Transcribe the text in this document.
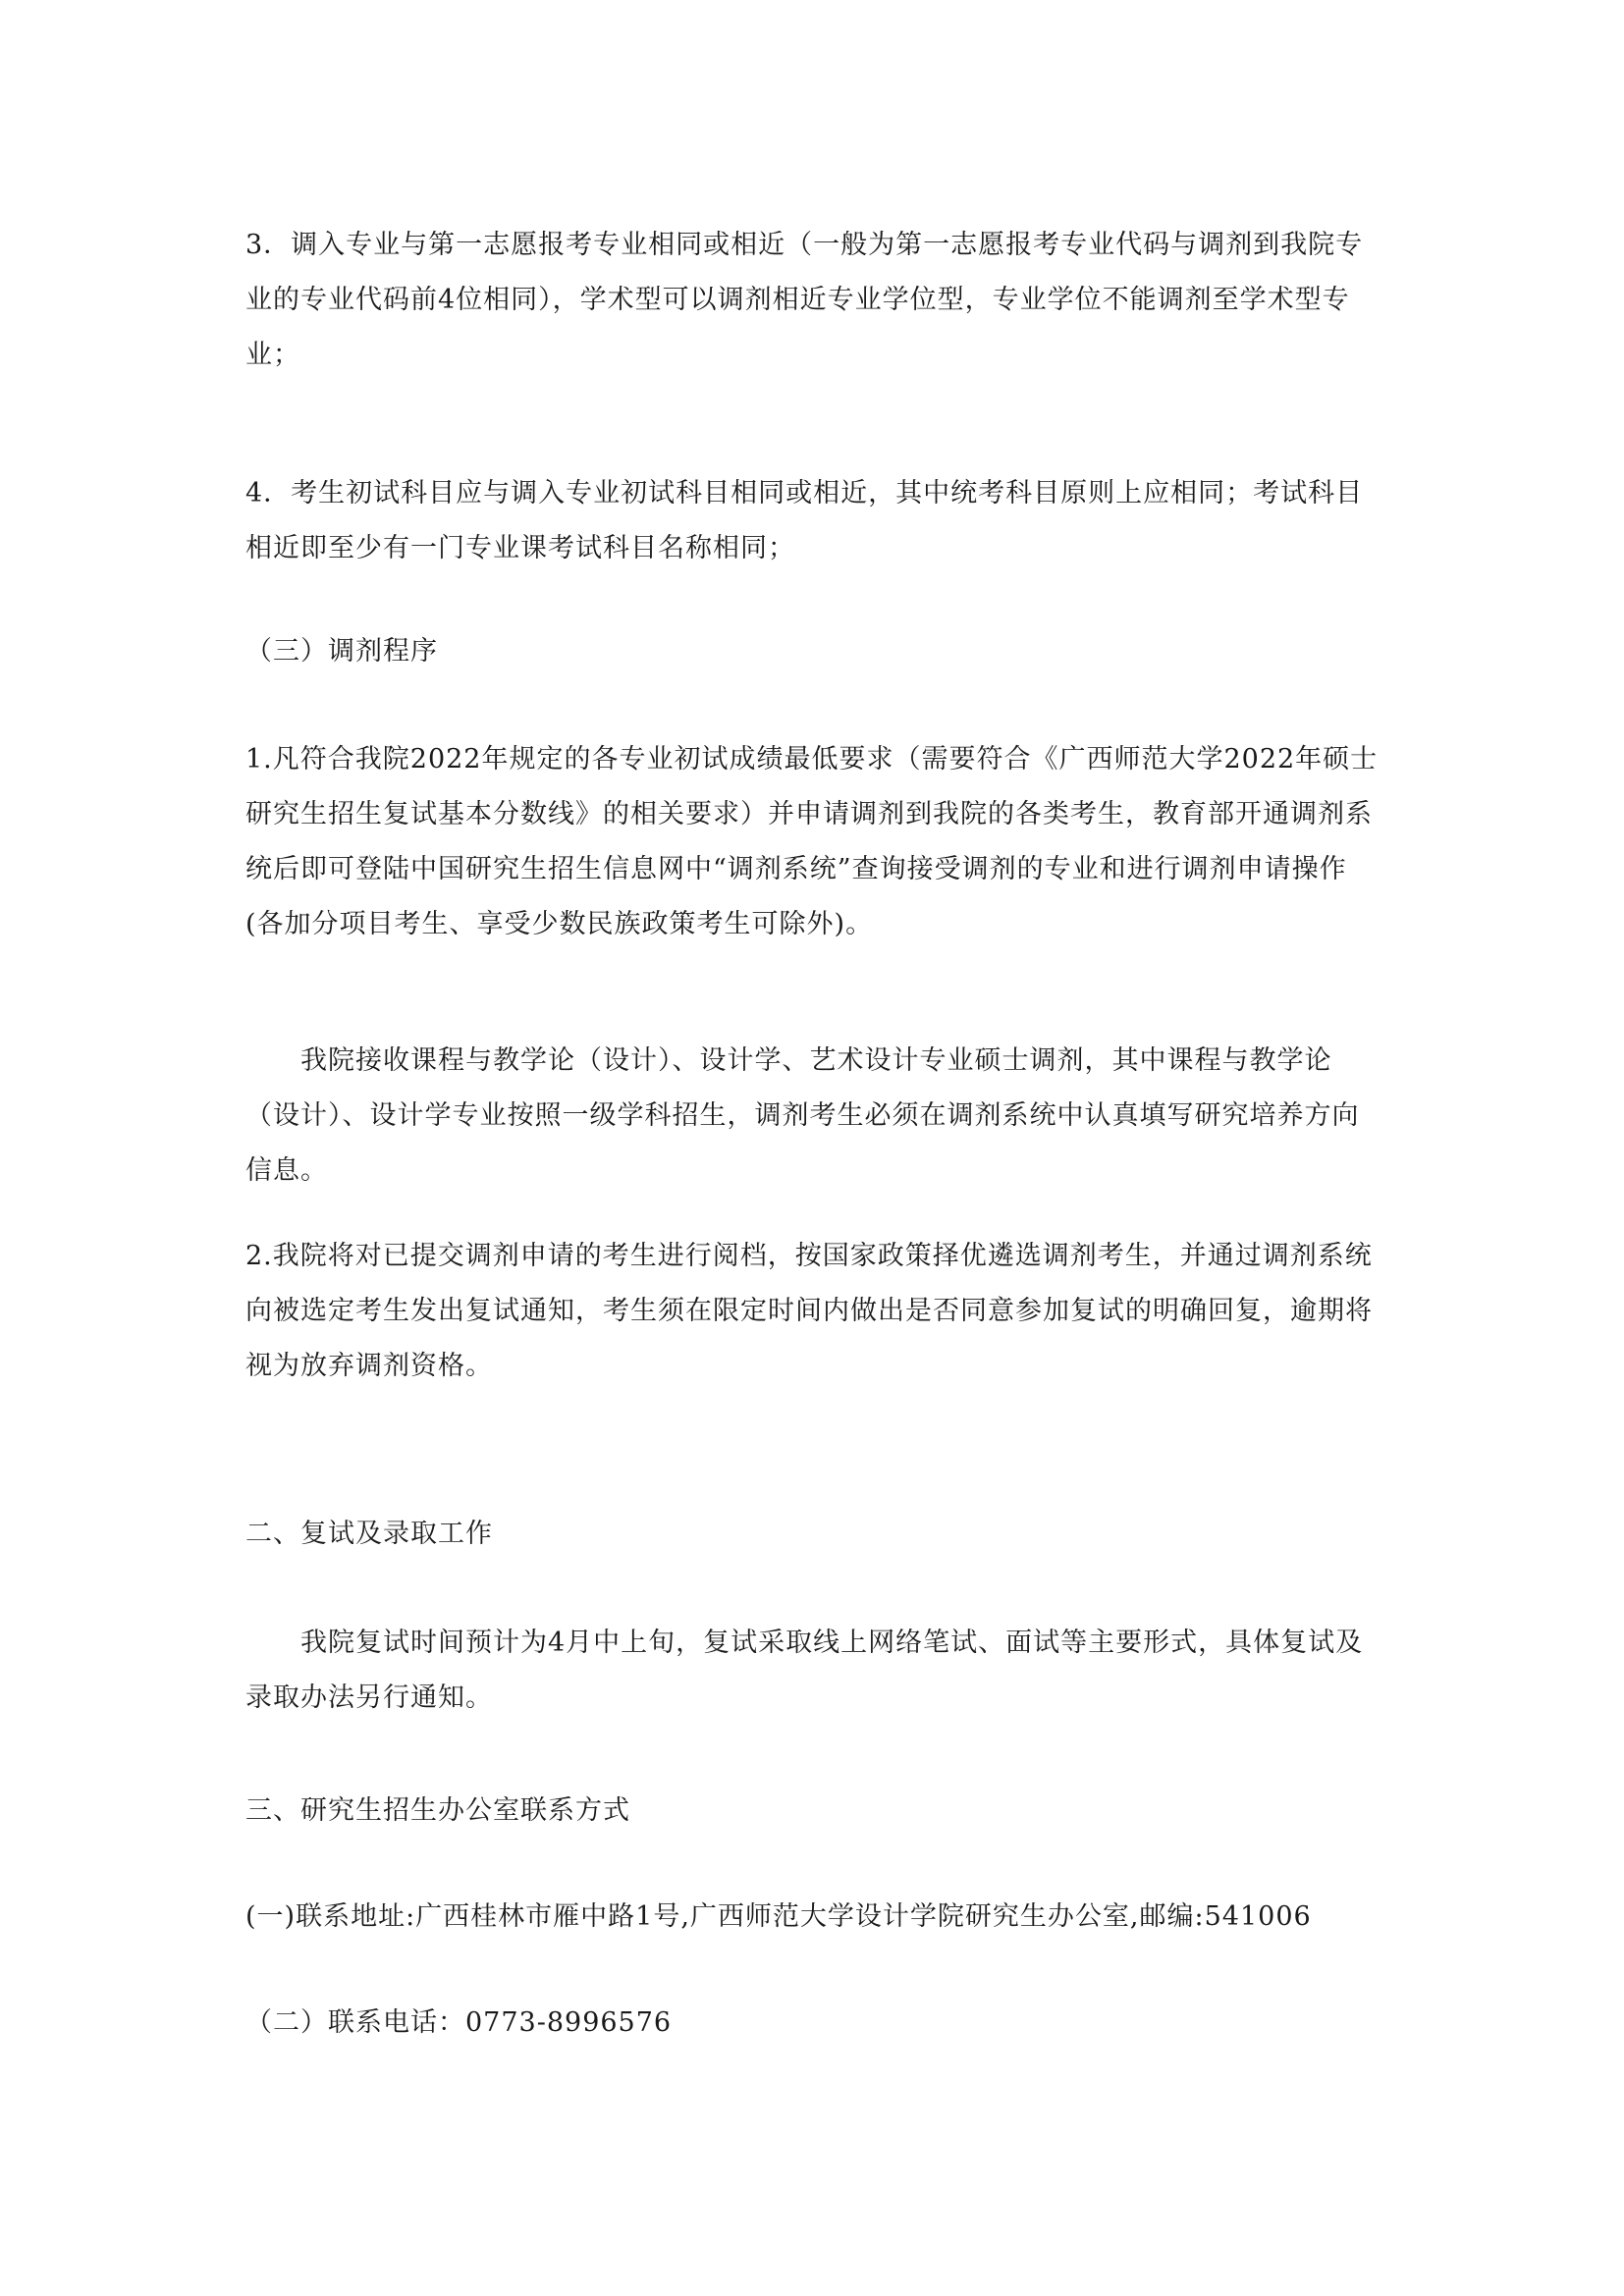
3．调入专业与第一志愿报考专业相同或相近（一般为第一志愿报考专业代码与调剂到我院专业的专业代码前4位相同），学术型可以调剂相近专业学位型，专业学位不能调剂至学术型专业；

4．考生初试科目应与调入专业初试科目相同或相近，其中统考科目原则上应相同；考试科目相近即至少有一门专业课考试科目名称相同；

（三）调剂程序

1.凡符合我院2022年规定的各专业初试成绩最低要求（需要符合《广西师范大学2022年硕士研究生招生复试基本分数线》的相关要求）并申请调剂到我院的各类考生，教育部开通调剂系统后即可登陆中国研究生招生信息网中“调剂系统”查询接受调剂的专业和进行调剂申请操作(各加分项目考生、享受少数民族政策考生可除外)。

我院接收课程与教学论（设计）、设计学、艺术设计专业硕士调剂，其中课程与教学论（设计）、设计学专业按照一级学科招生，调剂考生必须在调剂系统中认真填写研究培养方向信息。

2.我院将对已提交调剂申请的考生进行阅档，按国家政策择优遴选调剂考生，并通过调剂系统向被选定考生发出复试通知，考生须在限定时间内做出是否同意参加复试的明确回复，逾期将视为放弃调剂资格。

二、复试及录取工作

我院复试时间预计为4月中上旬，复试采取线上网络笔试、面试等主要形式，具体复试及录取办法另行通知。

三、研究生招生办公室联系方式

(一)联系地址:广西桂林市雁中路1号,广西师范大学设计学院研究生办公室,邮编:541006

（二）联系电话：0773-8996576
